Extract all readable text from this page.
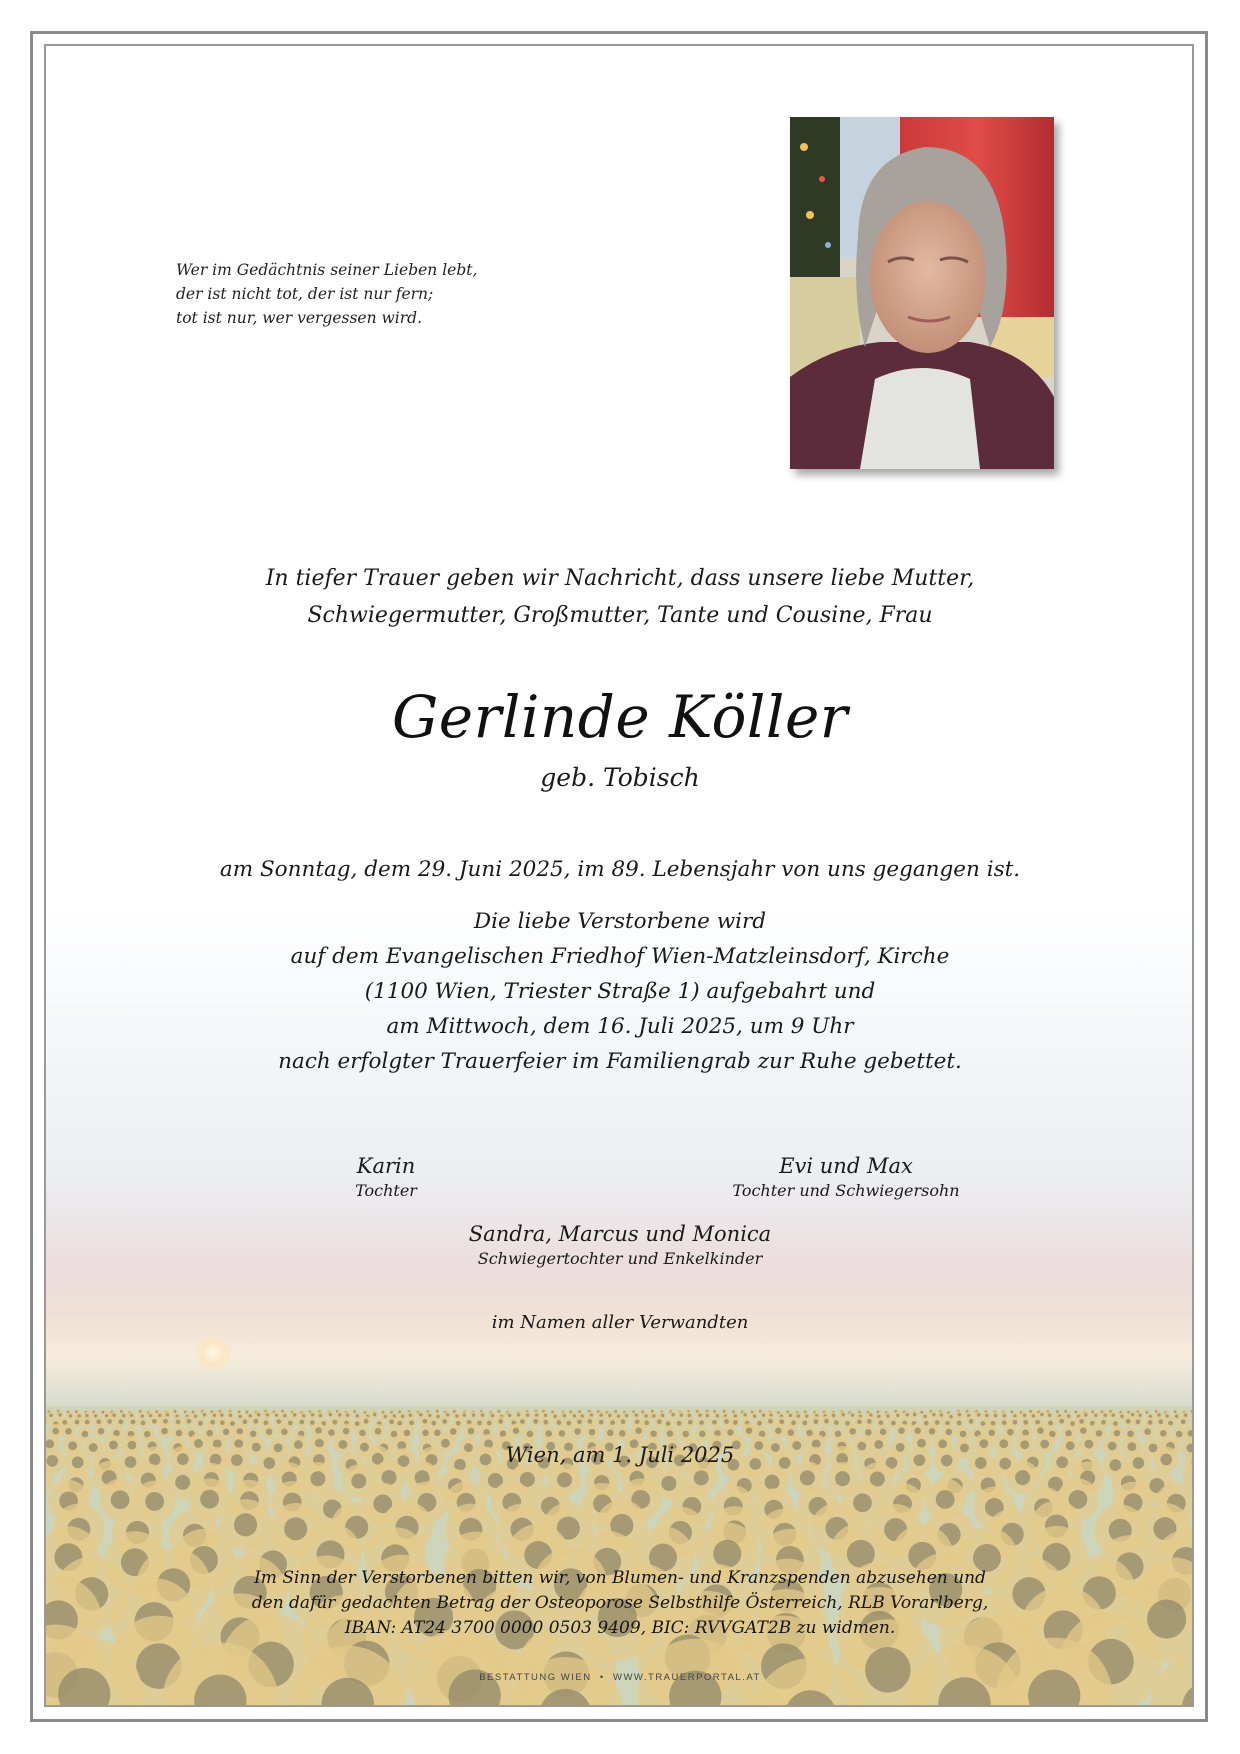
Wer im Gedächtnis seiner Lieben lebt,
der ist nicht tot, der ist nur fern;
tot ist nur, wer vergessen wird.
In tiefer Trauer geben wir Nachricht, dass unsere liebe Mutter,
Schwiegermutter, Großmutter, Tante und Cousine, Frau
Gerlinde Köller
geb. Tobisch
am Sonntag, dem 29. Juni 2025, im 89. Lebensjahr von uns gegangen ist.
Die liebe Verstorbene wird
auf dem Evangelischen Friedhof Wien-Matzleinsdorf, Kirche
(1100 Wien, Triester Straße 1) aufgebahrt und
am Mittwoch, dem 16. Juli 2025, um 9 Uhr
nach erfolgter Trauerfeier im Familiengrab zur Ruhe gebettet.
Karin
Tochter
Evi und Max
Tochter und Schwiegersohn
Sandra, Marcus und Monica
Schwiegertochter und Enkelkinder
im Namen aller Verwandten
Wien, am 1. Juli 2025
Im Sinn der Verstorbenen bitten wir, von Blumen- und Kranzspenden abzusehen und
den dafür gedachten Betrag der Osteoporose Selbsthilfe Österreich, RLB Vorarlberg,
IBAN: AT24 3700 0000 0503 9409, BIC: RVVGAT2B zu widmen.
BESTATTUNG WIEN • WWW.TRAUERPORTAL.AT
